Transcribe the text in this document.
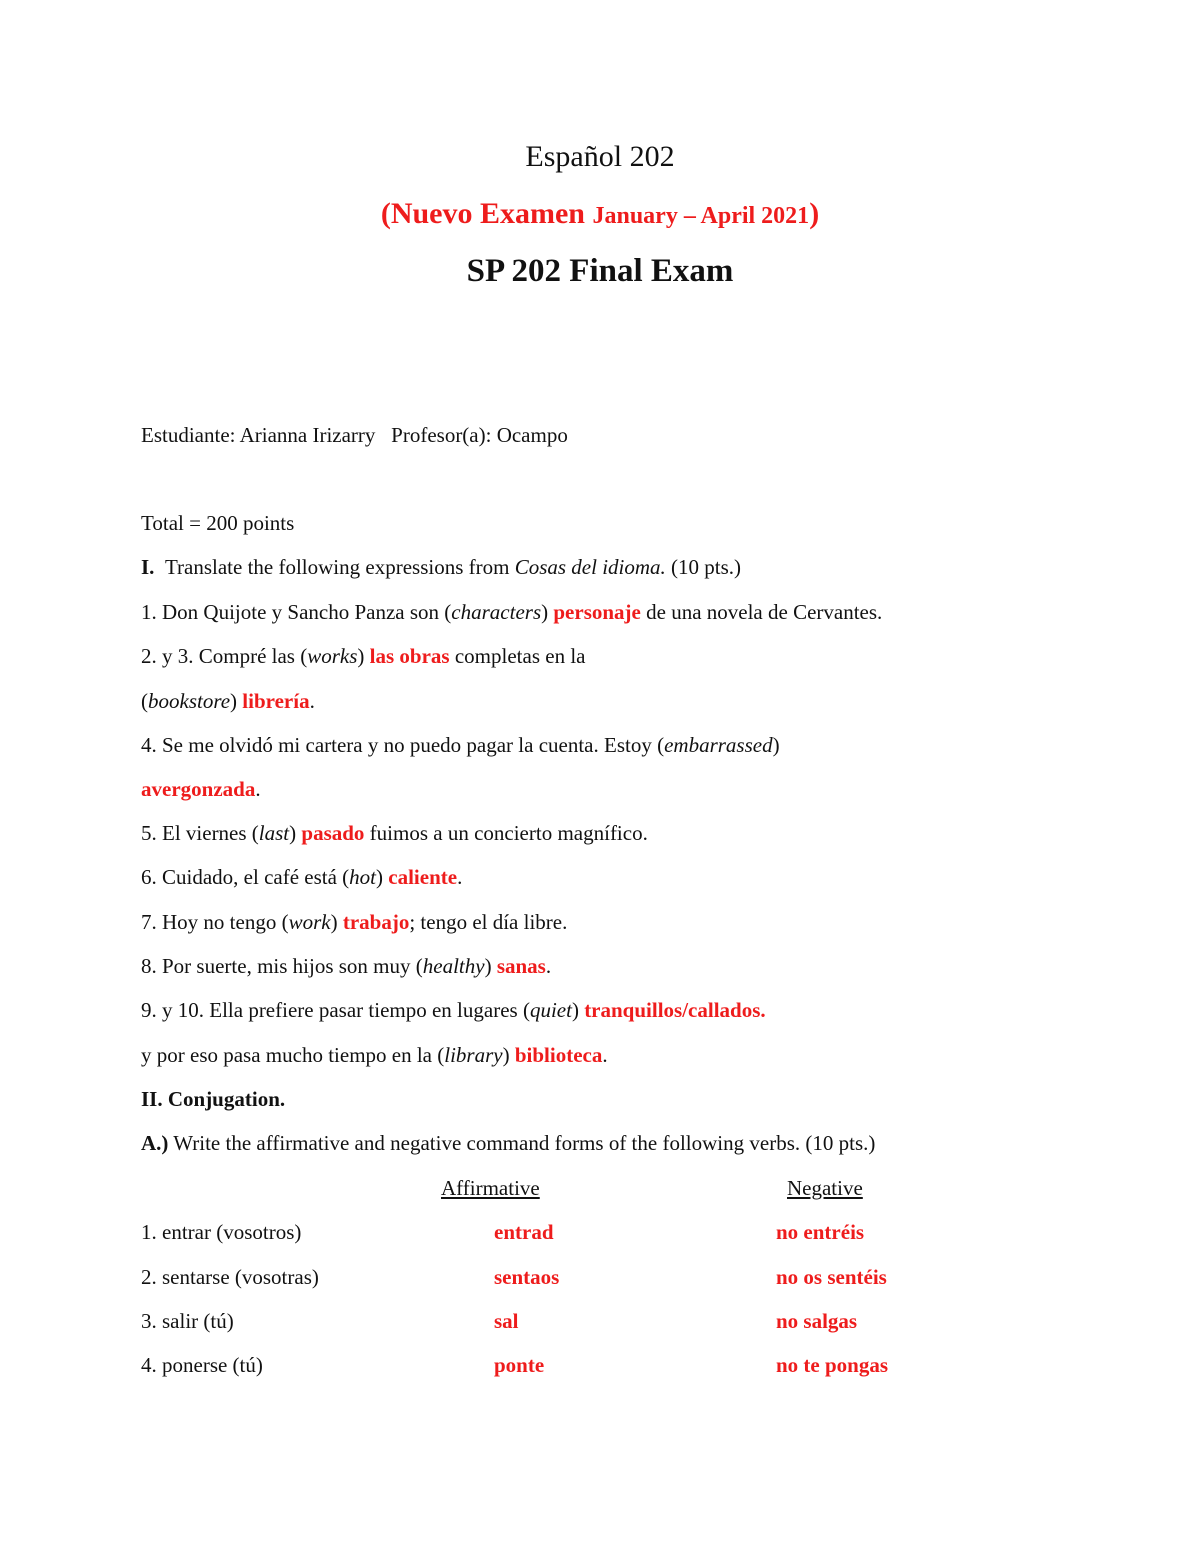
Español 202
(Nuevo Examen January – April 2021)
SP 202 Final Exam
Estudiante: Arianna Irizarry Profesor(a): Ocampo
Total = 200 points
I. Translate the following expressions from Cosas del idioma. (10 pts.)
1. Don Quijote y Sancho Panza son (characters) personaje de una novela de Cervantes.
2. y 3. Compré las (works) las obras completas en la
(bookstore) librería.
4. Se me olvidó mi cartera y no puedo pagar la cuenta. Estoy (embarrassed)
avergonzada.
5. El viernes (last) pasado fuimos a un concierto magnífico.
6. Cuidado, el café está (hot) caliente.
7. Hoy no tengo (work) trabajo; tengo el día libre.
8. Por suerte, mis hijos son muy (healthy) sanas.
9. y 10. Ella prefiere pasar tiempo en lugares (quiet) tranquillos/callados.
y por eso pasa mucho tiempo en la (library) biblioteca.
II. Conjugation.
A.) Write the affirmative and negative command forms of the following verbs. (10 pts.)
Affirmative	Negative
1. entrar (vosotros)	entrad	no entréis
2. sentarse (vosotras)	sentaos	no os sentéis
3. salir (tú)	sal	no salgas
4. ponerse (tú)	ponte	no te pongas
